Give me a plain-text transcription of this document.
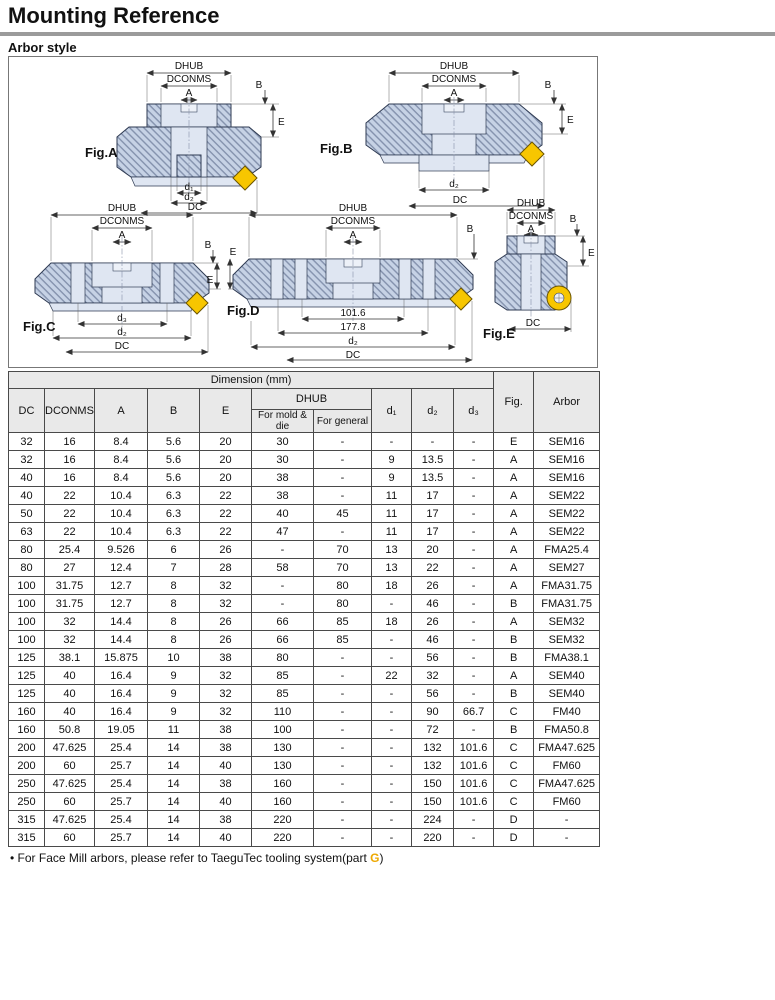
Mounting Reference
Arbor style
DHUB
DCONMS
A
B
E
d₁
d₂
DC
Fig.A
DHUB
DCONMS
A
B
E
d₂
DC
Fig.B
DHUB
DCONMS
A
B
E
d₃
d₂
DC
Fig.C
DHUB
DCONMS
A
B
E
101.6
177.8
d₂
DC
Fig.D
DHUB
DCONMS
A
B
E
DC
Fig.E
Dimension (mm)										Fig.	Arbor
DC	DCONMS	A	B	E	DHUB		d₁	d₂	d₃		
					For mold & die	For general					
32	16	8.4	5.6	20	30	-	-	-	-	E	SEM16
32	16	8.4	5.6	20	30	-	9	13.5	-	A	SEM16
40	16	8.4	5.6	20	38	-	9	13.5	-	A	SEM16
40	22	10.4	6.3	22	38	-	11	17	-	A	SEM22
50	22	10.4	6.3	22	40	45	11	17	-	A	SEM22
63	22	10.4	6.3	22	47	-	11	17	-	A	SEM22
80	25.4	9.526	6	26	-	70	13	20	-	A	FMA25.4
80	27	12.4	7	28	58	70	13	22	-	A	SEM27
100	31.75	12.7	8	32	-	80	18	26	-	A	FMA31.75
100	31.75	12.7	8	32	-	80	-	46	-	B	FMA31.75
100	32	14.4	8	26	66	85	18	26	-	A	SEM32
100	32	14.4	8	26	66	85	-	46	-	B	SEM32
125	38.1	15.875	10	38	80	-	-	56	-	B	FMA38.1
125	40	16.4	9	32	85	-	22	32	-	A	SEM40
125	40	16.4	9	32	85	-	-	56	-	B	SEM40
160	40	16.4	9	32	110	-	-	90	66.7	C	FM40
160	50.8	19.05	11	38	100	-	-	72	-	B	FMA50.8
200	47.625	25.4	14	38	130	-	-	132	101.6	C	FMA47.625
200	60	25.7	14	40	130	-	-	132	101.6	C	FM60
250	47.625	25.4	14	38	160	-	-	150	101.6	C	FMA47.625
250	60	25.7	14	40	160	-	-	150	101.6	C	FM60
315	47.625	25.4	14	38	220	-	-	224	-	D	-
315	60	25.7	14	40	220	-	-	220	-	D	-
• For Face Mill arbors, please refer to TaeguTec tooling system(part G)
